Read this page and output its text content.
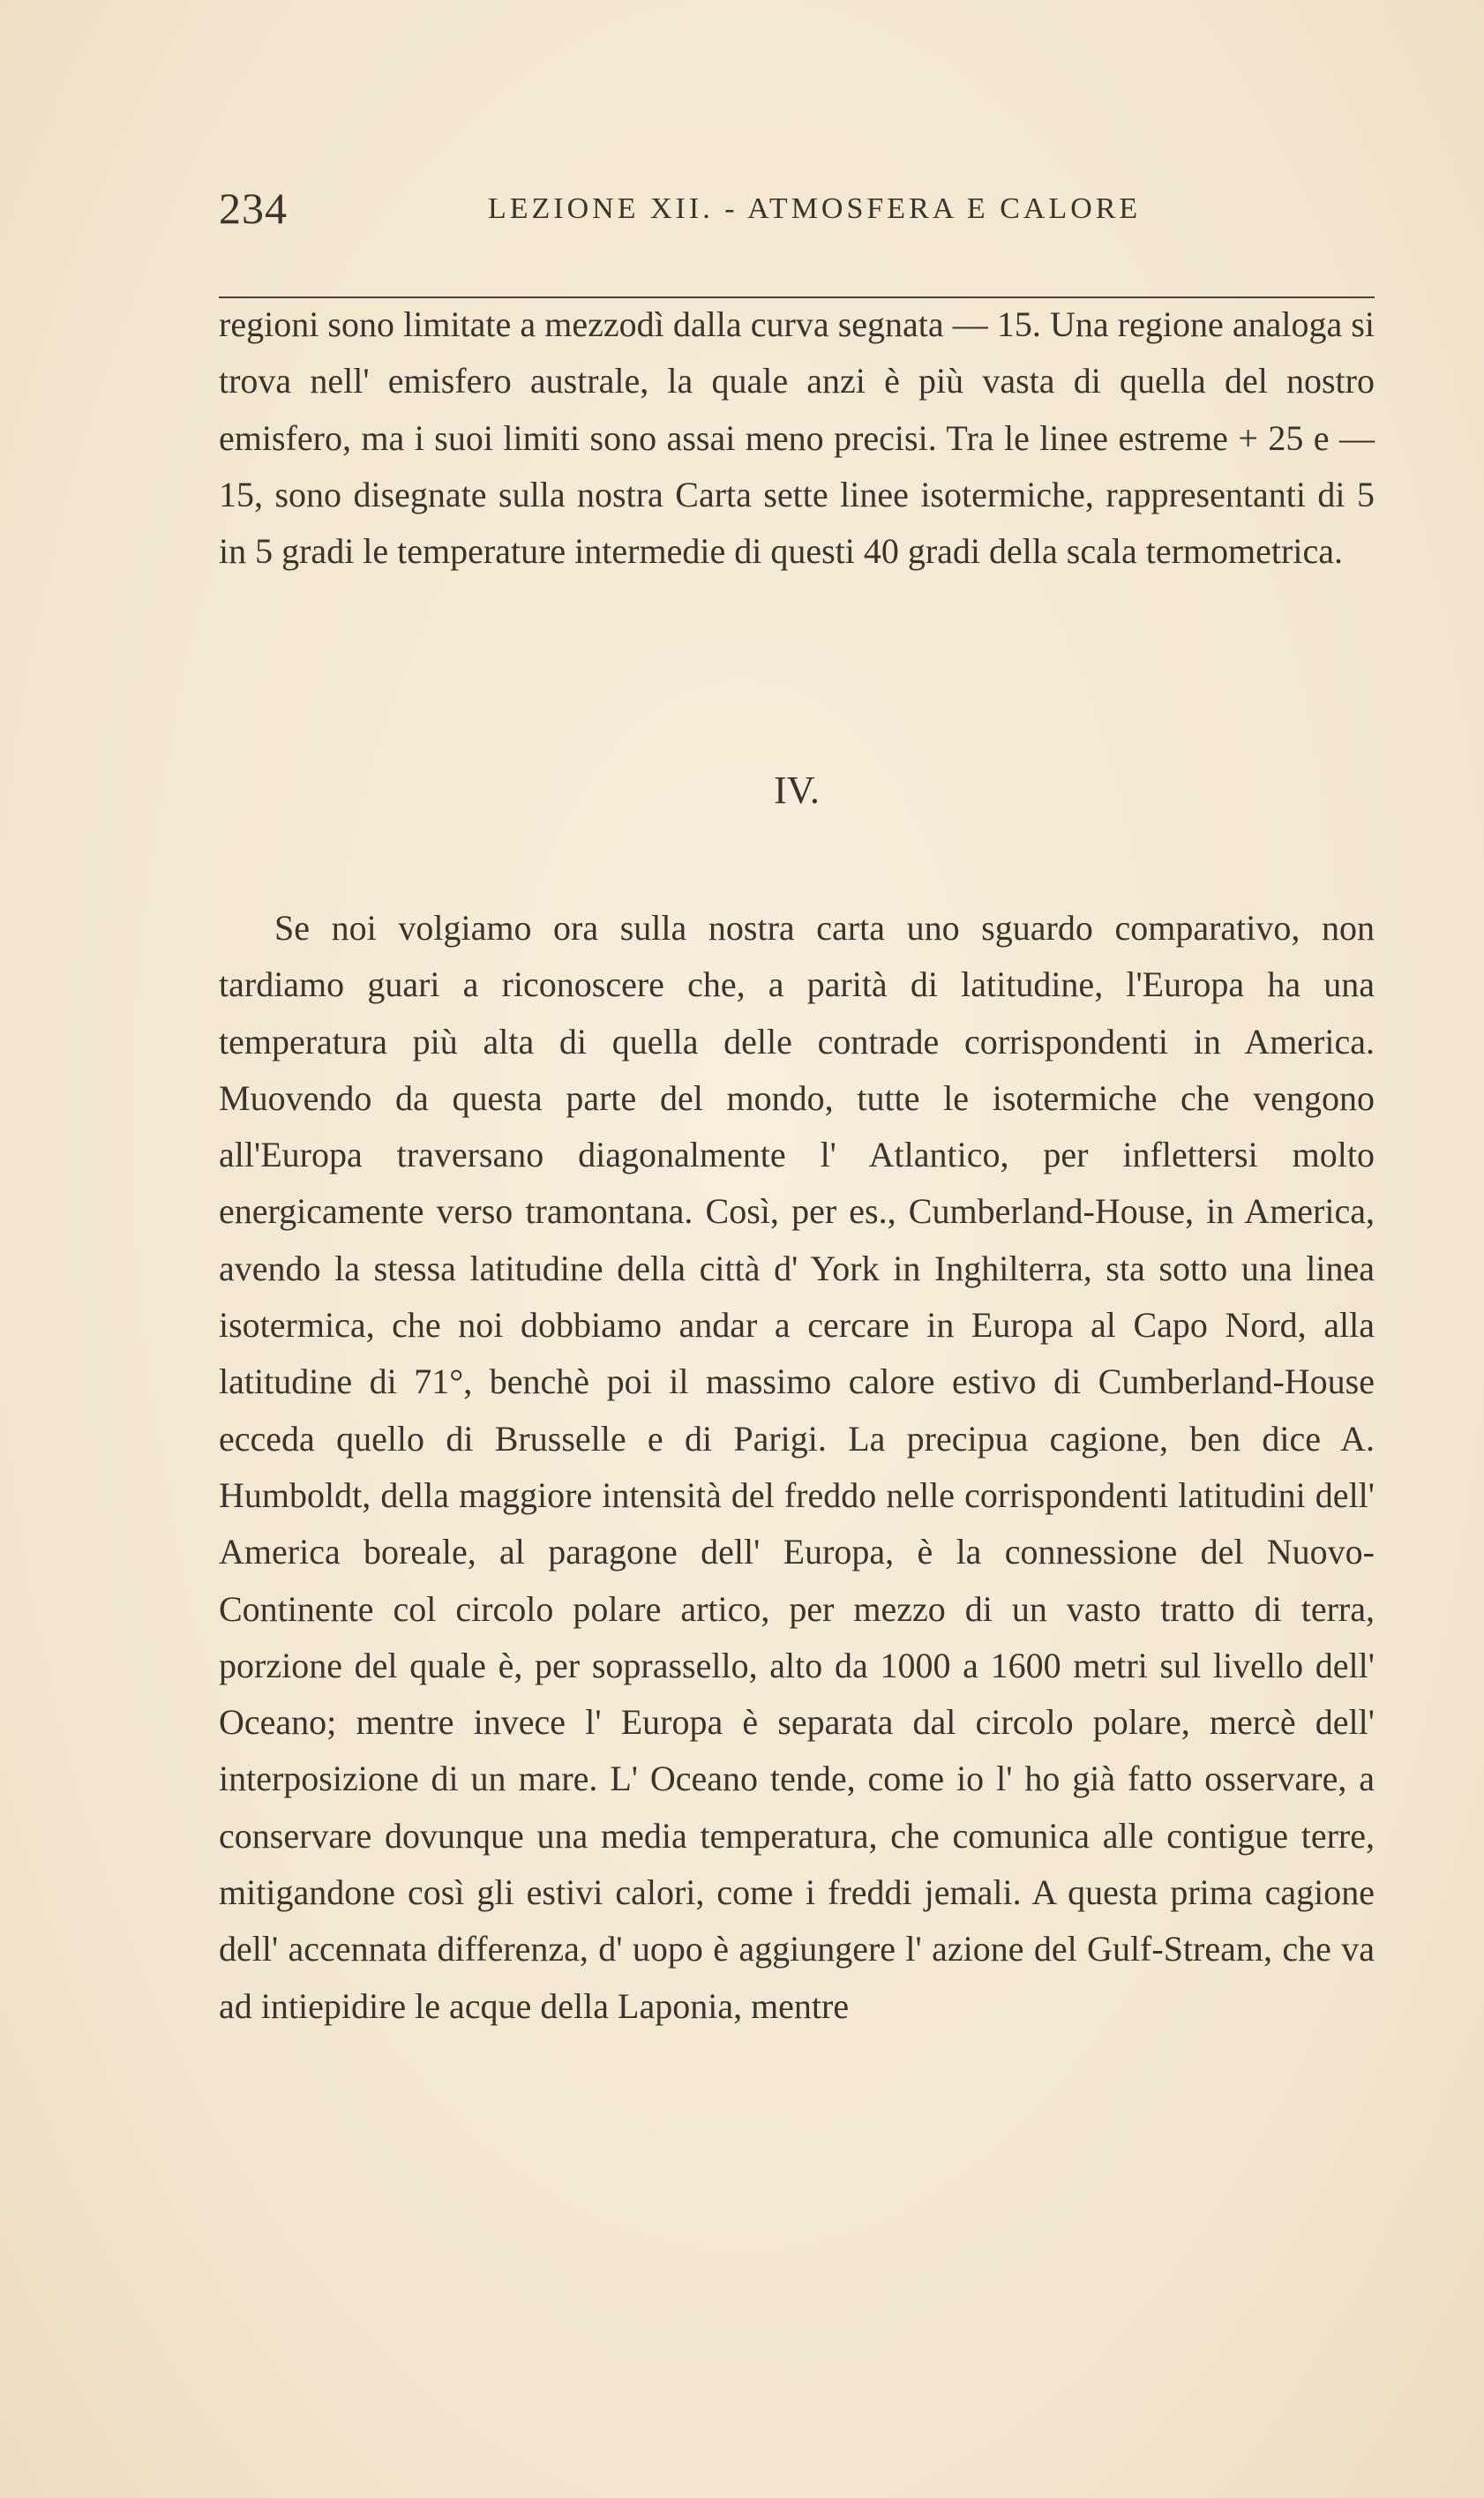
234	LEZIONE XII. - ATMOSFERA E CALORE

regioni sono limitate a mezzodì dalla curva segnata — 15. Una regione analoga si trova nell' emisfero australe, la quale anzi è più vasta di quella del nostro emisfero, ma i suoi limiti sono assai meno precisi. Tra le linee estreme + 25 e — 15, sono disegnate sulla nostra Carta sette linee isotermiche, rappresentanti di 5 in 5 gradi le temperature intermedie di questi 40 gradi della scala termometrica.

IV.

Se noi volgiamo ora sulla nostra carta uno sguardo comparativo, non tardiamo guari a riconoscere che, a parità di latitudine, l'Europa ha una temperatura più alta di quella delle contrade corrispondenti in America. Muovendo da questa parte del mondo, tutte le isotermiche che vengono all'Europa traversano diagonalmente l' Atlantico, per inflettersi molto energicamente verso tramontana. Così, per es., Cumberland-House, in America, avendo la stessa latitudine della città d' York in Inghilterra, sta sotto una linea isotermica, che noi dobbiamo andar a cercare in Europa al Capo Nord, alla latitudine di 71°, benchè poi il massimo calore estivo di Cumberland-House ecceda quello di Brusselle e di Parigi. La precipua cagione, ben dice A. Humboldt, della maggiore intensità del freddo nelle corrispondenti latitudini dell' America boreale, al paragone dell' Europa, è la connessione del Nuovo-Continente col circolo polare artico, per mezzo di un vasto tratto di terra, porzione del quale è, per soprassello, alto da 1000 a 1600 metri sul livello dell' Oceano; mentre invece l' Europa è separata dal circolo polare, mercè dell' interposizione di un mare. L' Oceano tende, come io l' ho già fatto osservare, a conservare dovunque una media temperatura, che comunica alle contigue terre, mitigandone così gli estivi calori, come i freddi jemali. A questa prima cagione dell' accennata differenza, d' uopo è aggiungere l' azione del Gulf-Stream, che va ad intiepidire le acque della Laponia, mentre
